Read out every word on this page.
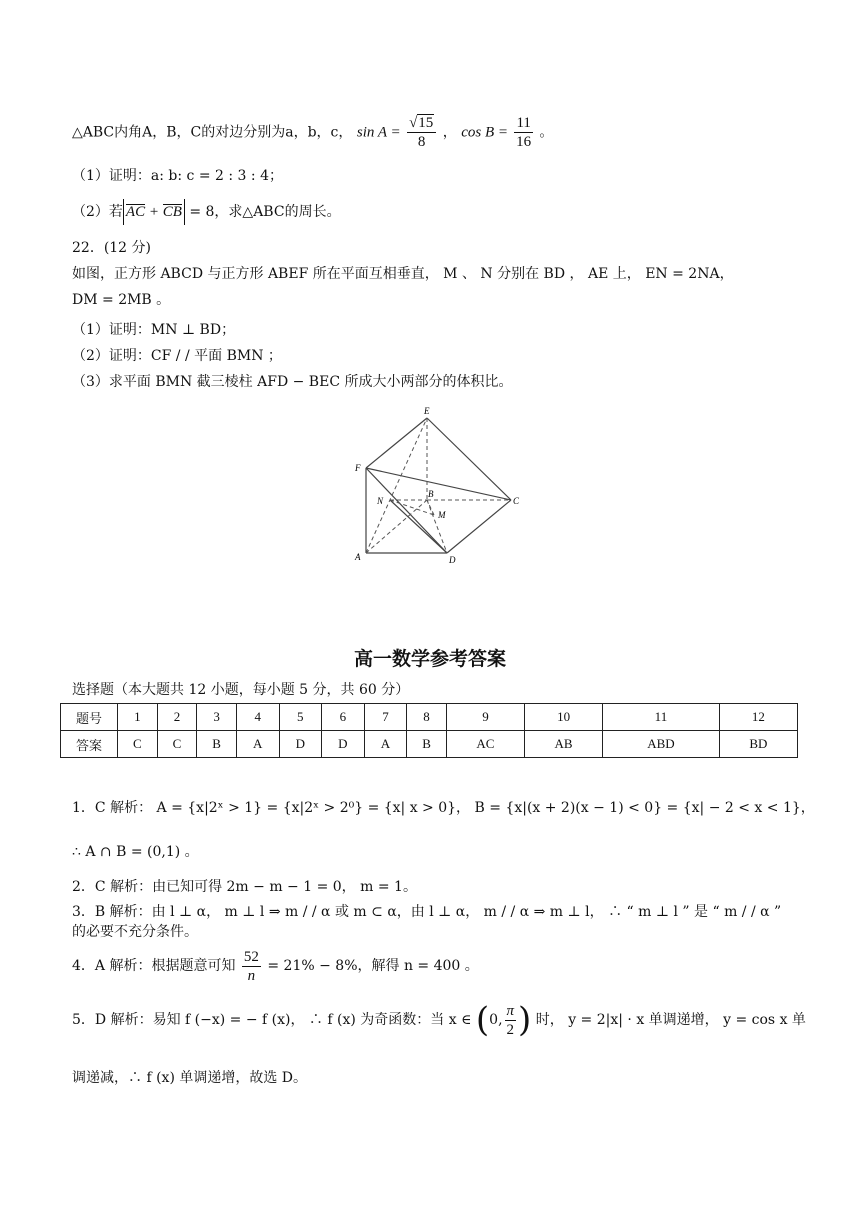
△ABC内角A，B，C的对边分别为a，b，c， $\sin A = \frac{√15}{8}$ ， $\cos B = \frac{11}{16}$ 。
（1）证明：a: b: c = 2 : 3 : 4；
（2）若 AC + CB = 8，求△ABC的周长。
22．(12 分)
如图，正方形 ABCD 与正方形 ABEF 所在平面互相垂直， M 、 N 分别在 BD ， AE 上， EN = 2NA，
DM = 2MB 。
（1）证明：MN ⊥ BD；
（2）证明：CF / / 平面 BMN ；
（3）求平面 BMN 截三棱柱 AFD − BEC 所成大小两部分的体积比。
E
F
B
N	C
M
A	D
高一数学参考答案
选择题（本大题共 12 小题，每小题 5 分，共 60 分）
题号	1	2	3	4	5	6	7	8	9	10	11	12
答案	C	C	B	A	D	D	A	B	AC	AB	ABD	BD
1．C 解析： A = {x|2ˣ > 1} = {x|2ˣ > 2⁰} = {x| x > 0}， B = {x|(x + 2)(x − 1) < 0} = {x| − 2 < x < 1}，
∴ A ∩ B = (0,1) 。
2．C 解析：由已知可得 2m − m − 1 = 0， m = 1。
3．B 解析：由 l ⊥ α， m ⊥ l ⇒ m / / α 或 m ⊂ α，由 l ⊥ α， m / / α ⇒ m ⊥ l， ∴ “ m ⊥ l ” 是 “ m / / α ”
的必要不充分条件。
4．A 解析：根据题意可知 $\frac{52}{n} = 21\% - 8\%$，解得 n = 400 。
5．D 解析：易知 f (−x) = − f (x)， ∴ f (x) 为奇函数：当 x ∈ (0, $\frac{\pi}{2}$ ) 时， y = 2|x| · x 单调递增， y = cos x 单
调递减，∴ f (x) 单调递增，故选 D。
